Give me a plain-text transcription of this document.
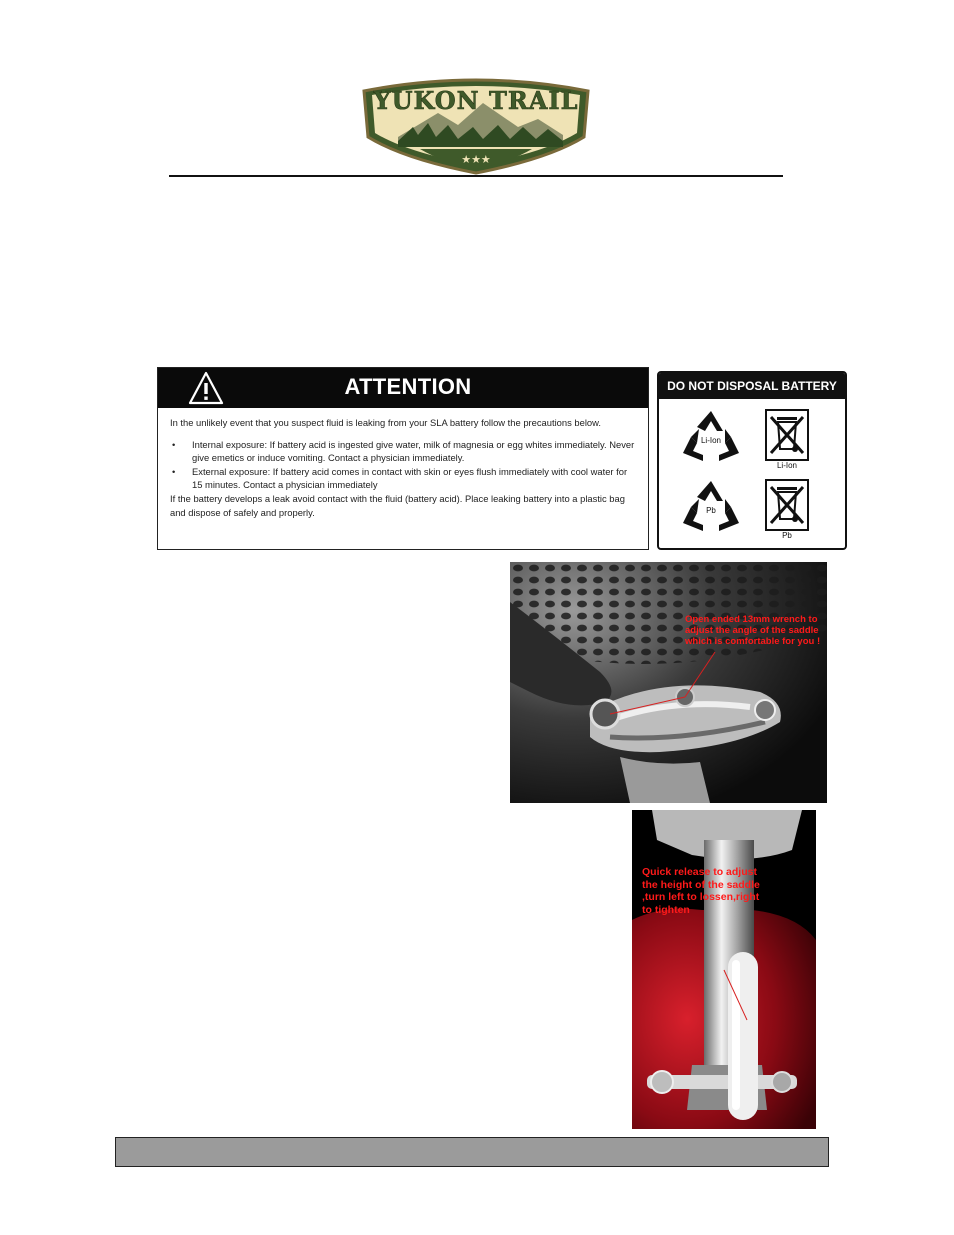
★★★
YUKON TRAIL
ATTENTION

In the unlikely event that you suspect fluid is leaking from your SLA battery follow the precautions below.

• Internal exposure: If battery acid is ingested give water, milk of magnesia or egg whites immediately. Never give emetics or induce vomiting. Contact a physician immediately.
• External exposure: If battery acid comes in contact with skin or eyes flush immediately with cool water for 15 minutes. Contact a physician immediately

If the battery develops a leak avoid contact with the fluid (battery acid). Place leaking battery into a plastic bag and dispose of safely and properly.

DO NOT DISPOSAL BATTERY
Li-Ion
Li-Ion
Pb
Pb
Open ended 13mm wrench to adjust the angle of the saddle which is comfortable for you !
Quick release to adjust the height of the saddle ,turn left to lossen,right to tighten
